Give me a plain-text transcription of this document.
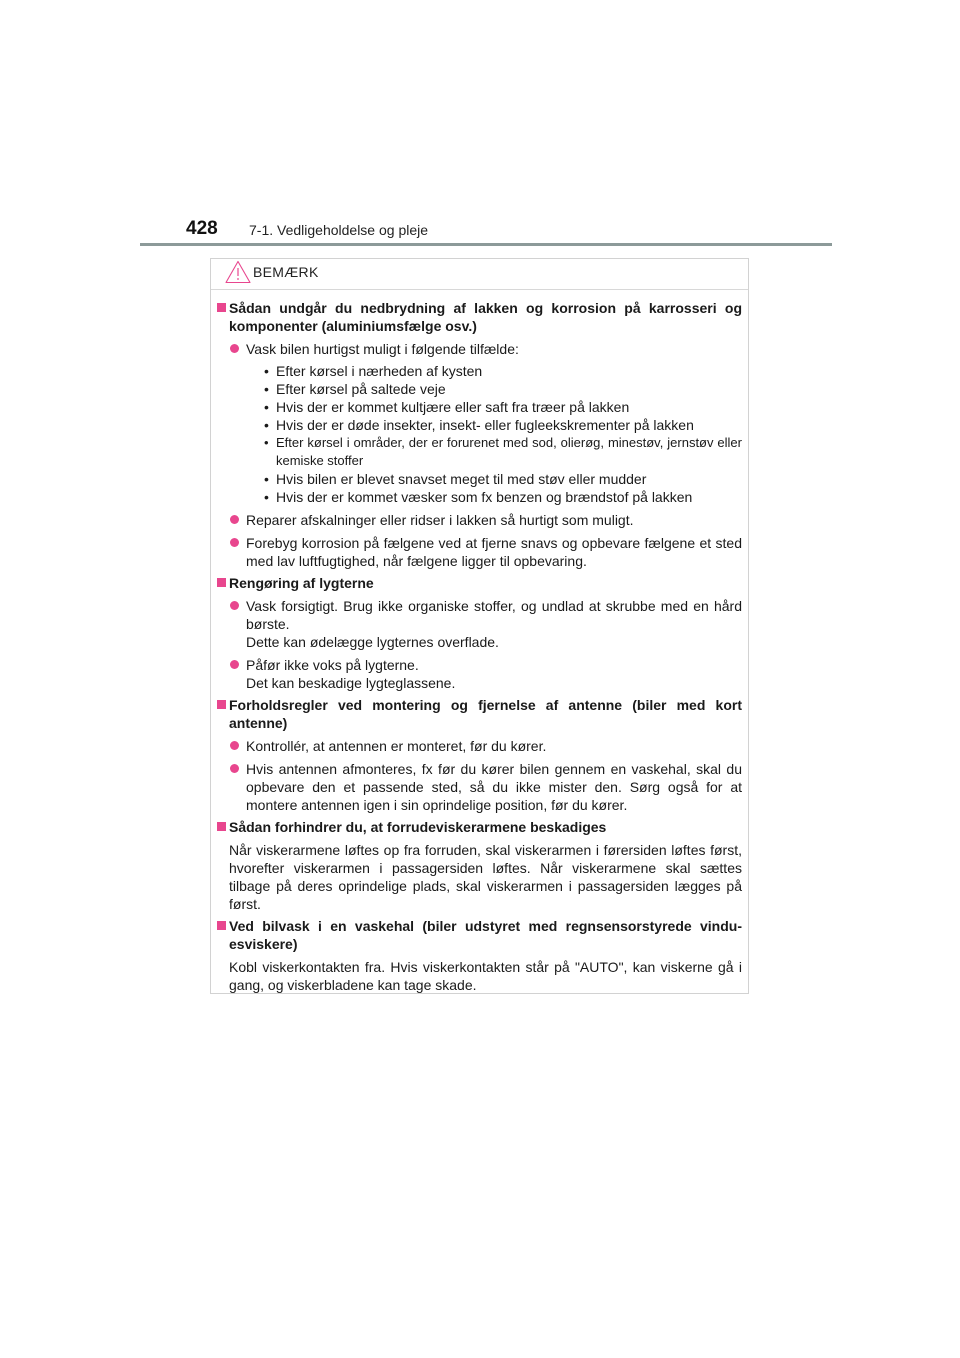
428 7-1. Vedligeholdelse og pleje
BEMÆRK
Sådan undgår du nedbrydning af lakken og korrosion på karrosseri og komponenter (aluminiumsfælge osv.)
Vask bilen hurtigst muligt i følgende tilfælde:
• Efter kørsel i nærheden af kysten
• Efter kørsel på saltede veje
• Hvis der er kommet kultjære eller saft fra træer på lakken
• Hvis der er døde insekter, insekt- eller fugleekskrementer på lakken
• Efter kørsel i områder, der er forurenet med sod, olierøg, minestøv, jernstøv eller kemiske stoffer
• Hvis bilen er blevet snavset meget til med støv eller mudder
• Hvis der er kommet væsker som fx benzen og brændstof på lakken
Reparer afskalninger eller ridser i lakken så hurtigt som muligt.
Forebyg korrosion på fælgene ved at fjerne snavs og opbevare fælgene et sted med lav luftfugtighed, når fælgene ligger til opbevaring.
Rengøring af lygterne
Vask forsigtigt. Brug ikke organiske stoffer, og undlad at skrubbe med en hård børste.
Dette kan ødelægge lygternes overflade.
Påfør ikke voks på lygterne.
Det kan beskadige lygteglassene.
Forholdsregler ved montering og fjernelse af antenne (biler med kort antenne)
Kontrollér, at antennen er monteret, før du kører.
Hvis antennen afmonteres, fx før du kører bilen gennem en vaskehal, skal du opbevare den et passende sted, så du ikke mister den. Sørg også for at montere antennen igen i sin oprindelige position, før du kører.
Sådan forhindrer du, at forrudeviskerarmene beskadiges
Når viskerarmene løftes op fra forruden, skal viskerarmen i førersiden løftes først, hvorefter viskerarmen i passagersiden løftes. Når viskerarmene skal sættes tilbage på deres oprindelige plads, skal viskerarmen i passagersiden lægges på først.
Ved bilvask i en vaskehal (biler udstyret med regnsensorstyrede vindu-esviskere)
Kobl viskerkontakten fra. Hvis viskerkontakten står på "AUTO", kan viskerne gå i gang, og viskerbladene kan tage skade.
